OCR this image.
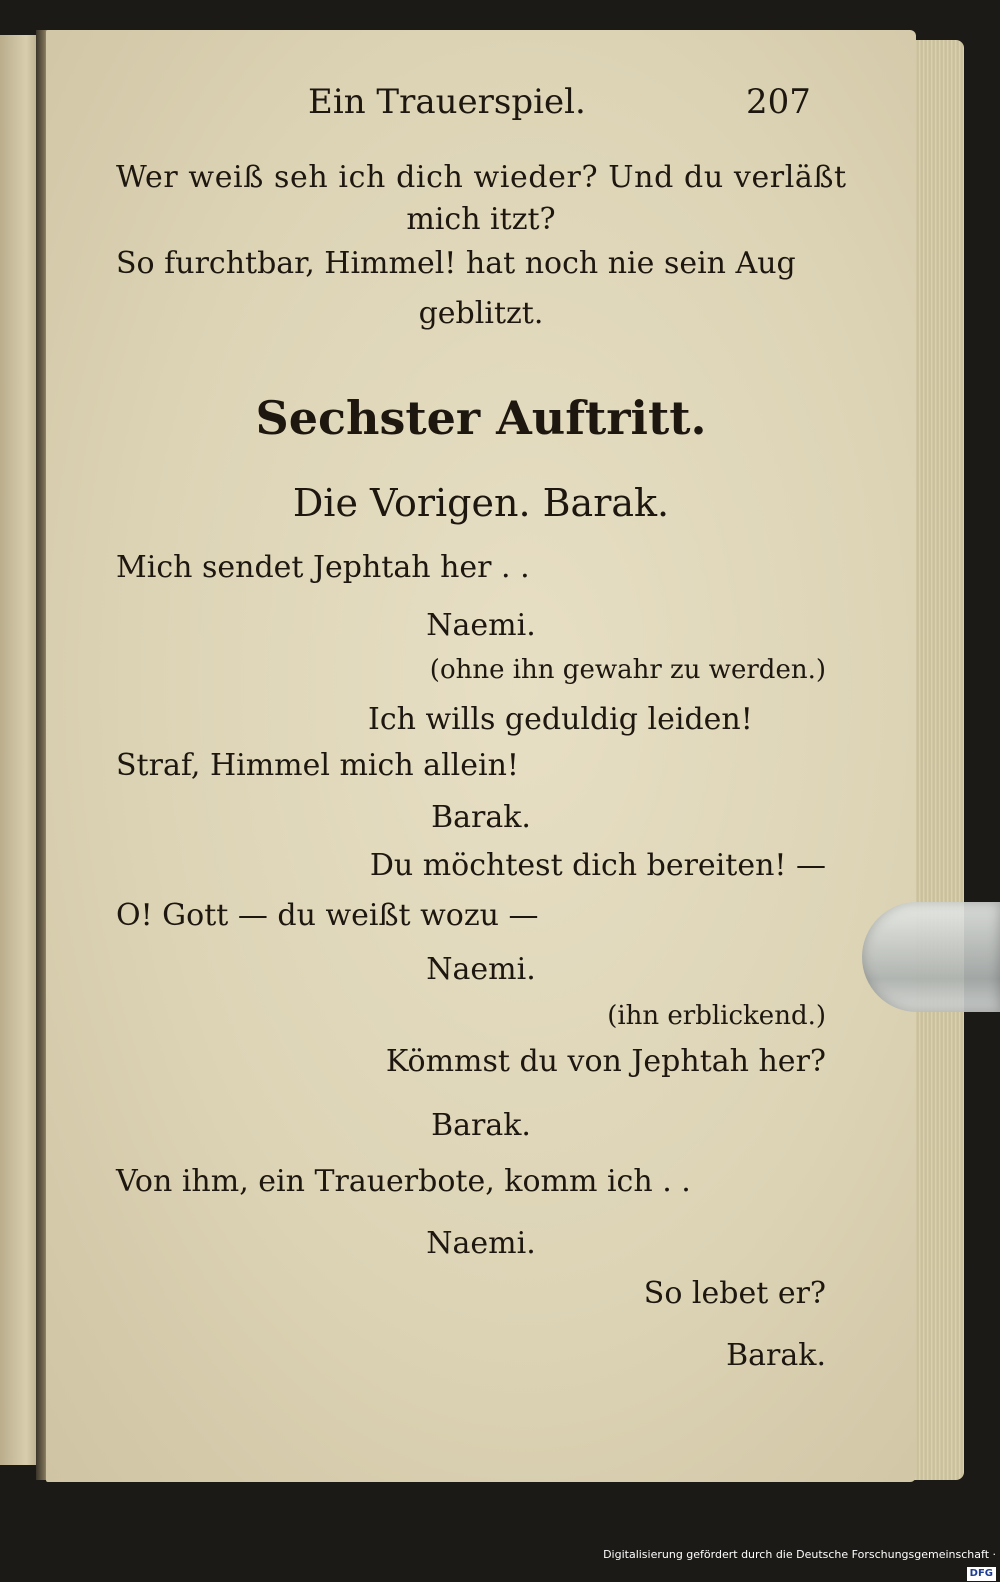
Ein Trauerspiel.	207
Wer weiß seh ich dich wieder? Und du verläßt
mich itzt?
So furchtbar, Himmel! hat noch nie sein Aug
geblitzt.
Sechster Auftritt.
Die Vorigen. Barak.
Mich sendet Jephtah her . .
Naemi.
(ohne ihn gewahr zu werden.)
Ich wills geduldig leiden!
Straf, Himmel mich allein!
Barak.
Du möchtest dich bereiten! —
O! Gott — du weißt wozu —
Naemi.
(ihn erblickend.)
Kömmst du von Jephtah her?
Barak.
Von ihm, ein Trauerbote, komm ich . .
Naemi.
So lebet er?
Barak.
Digitalisierung gefördert durch die Deutsche Forschungsgemeinschaft ·DFG
